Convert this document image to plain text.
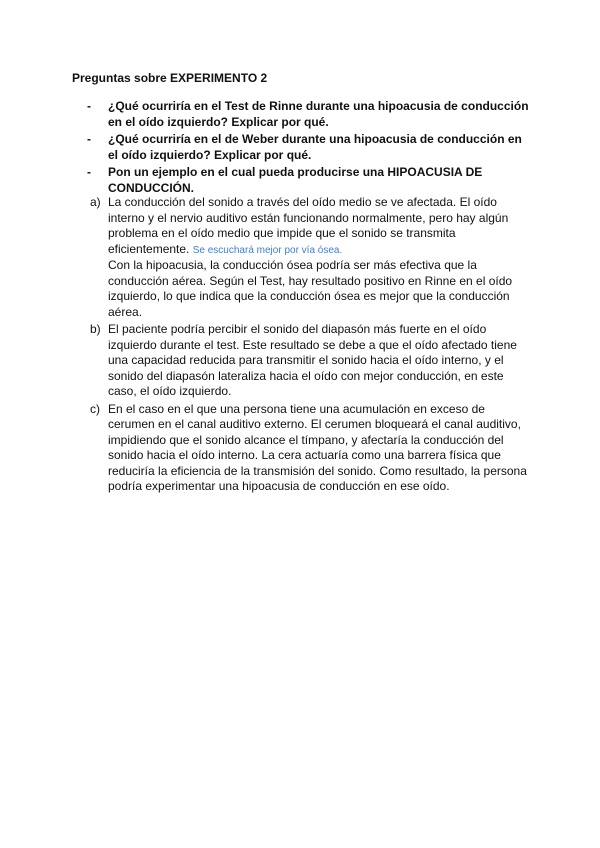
Preguntas sobre EXPERIMENTO 2
-	¿Qué ocurriría en el Test de Rinne durante una hipoacusia de conducción en el oído izquierdo? Explicar por qué.
-	¿Qué ocurriría en el de Weber durante una hipoacusia de conducción en el oído izquierdo? Explicar por qué.
-	Pon un ejemplo en el cual pueda producirse una HIPOACUSIA DE CONDUCCIÓN.
a) La conducción del sonido a través del oído medio se ve afectada. El oído interno y el nervio auditivo están funcionando normalmente, pero hay algún problema en el oído medio que impide que el sonido se transmita eficientemente. Se escuchará mejor por vía ósea.

Con la hipoacusia, la conducción ósea podría ser más efectiva que la conducción aérea. Según el Test, hay resultado positivo en Rinne en el oído izquierdo, lo que indica que la conducción ósea es mejor que la conducción aérea.

b) El paciente podría percibir el sonido del diapasón más fuerte en el oído izquierdo durante el test. Este resultado se debe a que el oído afectado tiene una capacidad reducida para transmitir el sonido hacia el oído interno, y el sonido del diapasón lateraliza hacia el oído con mejor conducción, en este caso, el oído izquierdo.

c) En el caso en el que una persona tiene una acumulación en exceso de cerumen en el canal auditivo externo. El cerumen bloqueará el canal auditivo, impidiendo que el sonido alcance el tímpano, y afectaría la conducción del sonido hacia el oído interno. La cera actuaría como una barrera física que reduciría la eficiencia de la transmisión del sonido. Como resultado, la persona podría experimentar una hipoacusia de conducción en ese oído.
